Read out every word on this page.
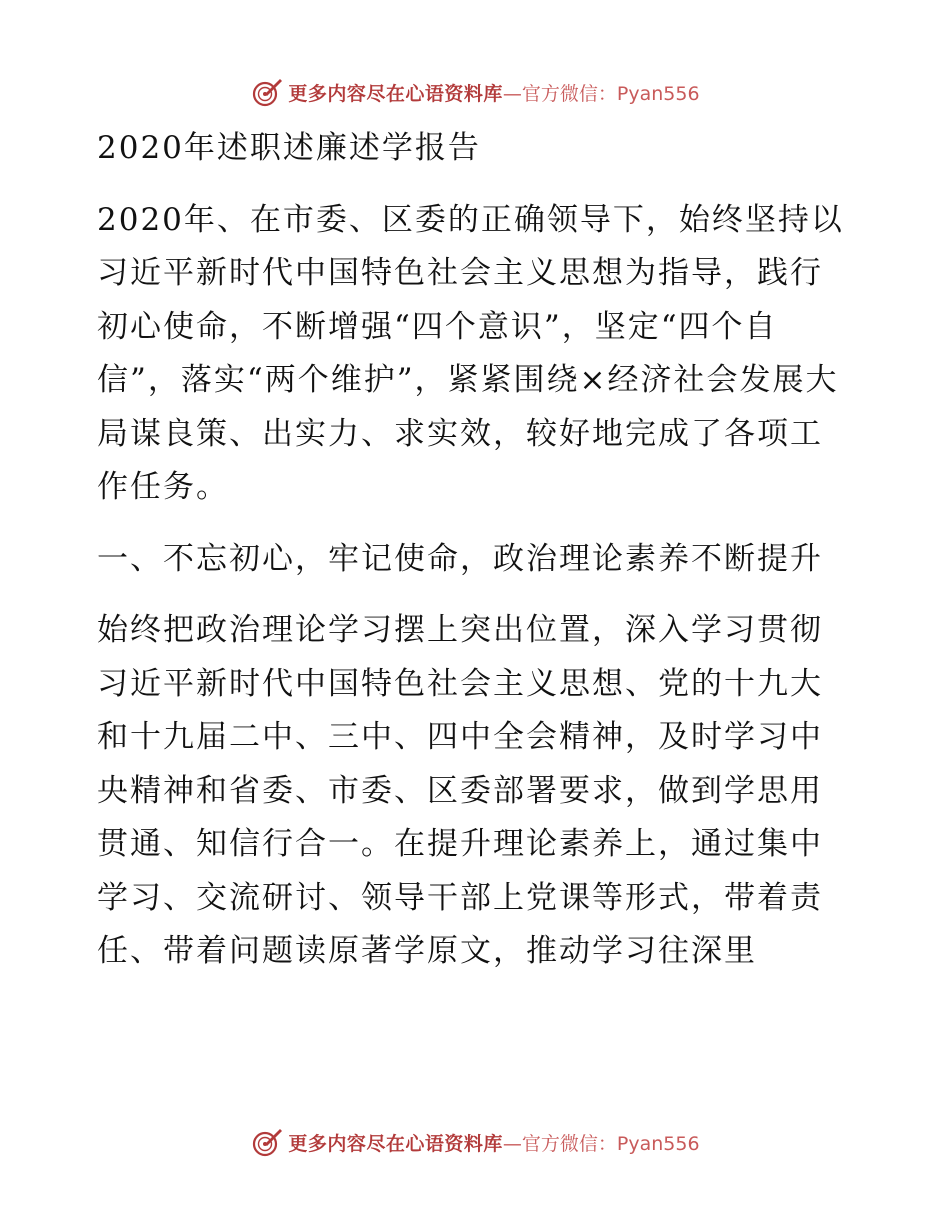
更多内容尽在心语资料库 —官方微信：Pyan556

2020年述职述廉述学报告

2020年、在市委、区委的正确领导下，始终坚持以习近平新时代中国特色社会主义思想为指导，践行初心使命，不断增强“四个意识”，坚定“四个自信”，落实“两个维护”，紧紧围绕×经济社会发展大局谋良策、出实力、求实效，较好地完成了各项工作任务。

一、不忘初心，牢记使命，政治理论素养不断提升

始终把政治理论学习摆上突出位置，深入学习贯彻习近平新时代中国特色社会主义思想、党的十九大和十九届二中、三中、四中全会精神，及时学习中央精神和省委、市委、区委部署要求，做到学思用贯通、知信行合一。在提升理论素养上，通过集中学习、交流研讨、领导干部上党课等形式，带着责任、带着问题读原著学原文，推动学习往深里

更多内容尽在心语资料库 —官方微信：Pyan556
